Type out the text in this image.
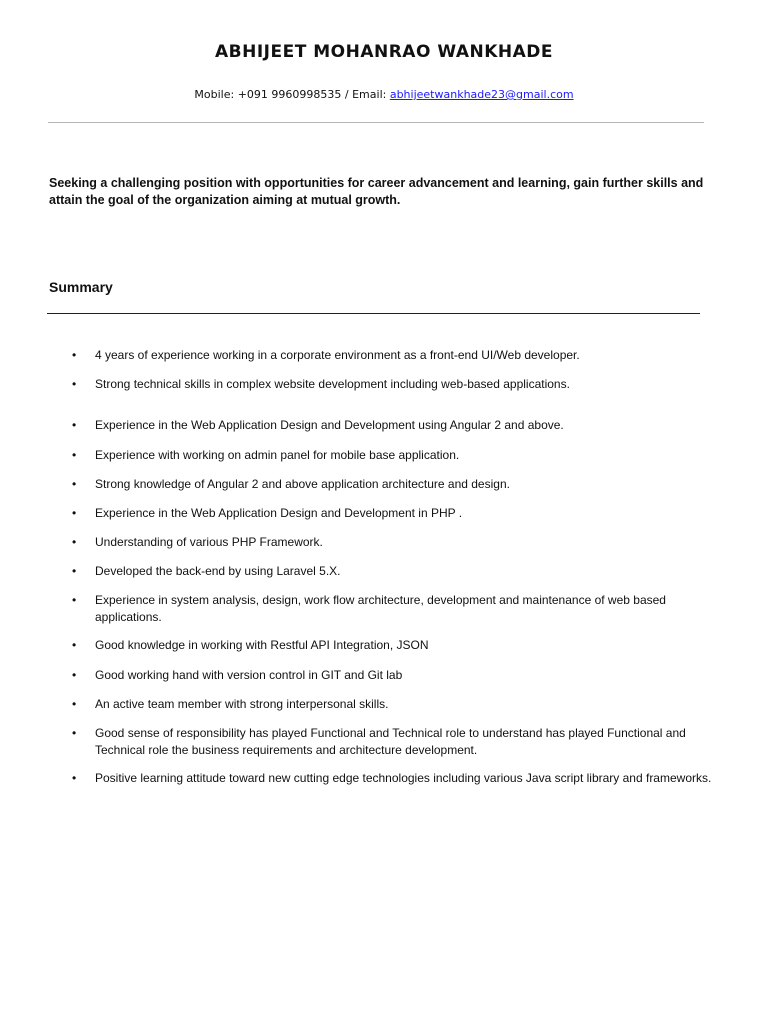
ABHIJEET MOHANRAO WANKHADE
Mobile: +091 9960998535 / Email: abhijeetwankhade23@gmail.com
Seeking a challenging position with opportunities for career advancement and learning, gain further skills and attain the goal of the organization aiming at mutual growth.
Summary
•	4 years of experience working in a corporate environment as a front-end UI/Web developer.
•	Strong technical skills in complex website development including web-based applications.
•	Experience in the Web Application Design and Development using Angular 2 and above.
•	Experience with working on admin panel for mobile base application.
•	Strong knowledge of Angular 2 and above application architecture and design.
•	Experience in the Web Application Design and Development in PHP .
•	Understanding of various PHP Framework.
•	Developed the back-end by using Laravel 5.X.
•	Experience in system analysis, design, work flow architecture, development and maintenance of web based applications.
•	Good knowledge in working with Restful API Integration, JSON
•	Good working hand with version control in GIT and Git lab
•	An active team member with strong interpersonal skills.
•	Good sense of responsibility has played Functional and Technical role to understand has played Functional and Technical role the business requirements and architecture development.
•	Positive learning attitude toward new cutting edge technologies including various Java script library and frameworks.
